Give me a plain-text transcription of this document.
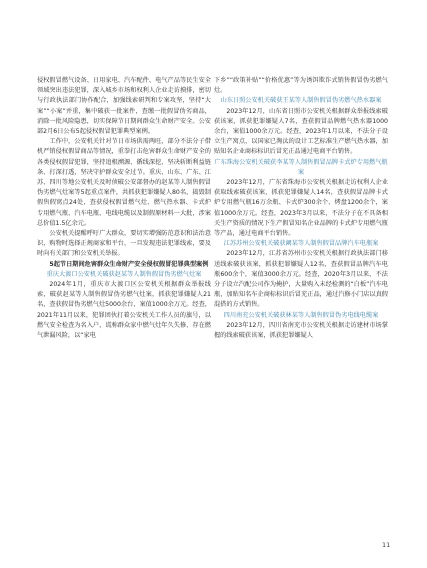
侵权假冒燃气设备、日用家电、汽车配件、电气产品等民生安全领域突出违法犯罪，深入城乡市场和权利人企业走访摸排，密切与行政执法部门协作配合，加强线索研判和专案攻坚，坚持“大案”“小案”并重，集中破获一批案件，查缴一批假冒伪劣商品，消除一批风险隐患，切实保障节日期间群众生命财产安全。公安部2月6日公布5起侵权假冒犯罪典型案例。

工作中，公安机关针对节日市场供需两旺，部分不法分子借机严销侵权假冒商品等情况，重拳打击危害群众生命财产安全的各类侵权假冒犯罪，坚持追根溯源、循线深挖，坚决斩断利益链条、打深打透，坚决守护群众安全过节。重庆、山东、广东、江苏、四川等地公安机关及时侦破公安部督办的赵某等人制售假冒伪劣燃气灶案等5起重点案件，共抓获犯罪嫌疑人80名，捣毁制假售假窝点24处，查获侵权假冒燃气灶、燃气热水器、卡式炉专用燃气瓶、汽车电瓶、电线电缆以及制假原材料一大批，涉案总价值1.5亿余元。

公安机关提醒呼吁广大群众，要切实增强防范意识和法治意识，购物时选择正规商家和平台，一旦发现违法犯罪线索，要及时向有关部门和公安机关举报。

5起节日期间危害群众生命财产安全侵权假冒犯罪典型案例

重庆大渡口公安机关破获赵某等人制售假冒伪劣燃气灶案

2024年1月，重庆市大渡口区公安机关根据群众举报线索，破获赵某等人制售假冒伪劣燃气灶案，抓获犯罪嫌疑人21名，查获假冒伪劣燃气灶5000余台，案值1000余万元。经查，2021年11月以来，犯罪团伙打着公安机关工作人员的旗号，以燃气安全检查为名入户，谎称群众家中燃气灶年久失修、存在燃气泄漏风险，以“家电

下乡”“政策补贴”“价格优惠”等为诱饵欺诈式销售假冒伪劣燃气灶。

山东日照公安机关破获王某等人制售假冒伪劣燃气热水器案

2023年12月，山东省日照市公安机关根据群众举报线索破获该案，抓获犯罪嫌疑人7名，查获假冒品牌燃气热水器1000余台，案值1000余万元。经查，2023年1月以来，不法分子设立生产窝点，以国家已淘汰的设计工艺标准生产燃气热水器，加贴知名企业商标标识后冒充正品通过电商平台销售。

广东珠海公安机关破获李某等人制售假冒品牌卡式炉专用燃气瓶案

2023年12月，广东省珠海市公安机关根据走访权利人企业获取线索破获该案，抓获犯罪嫌疑人14名，查获假冒品牌卡式炉专用燃气瓶16万余瓶、卡式炉300余个、烤盘1200余个，案值1000余万元。经查，2023年3月以来，不法分子在不具备相关生产资质的情况下生产假冒知名企业品牌的卡式炉专用燃气瓶等产品，通过电商平台销售。

江苏苏州公安机关破获阚某等人制售假冒品牌汽车电瓶案

2023年12月，江苏省苏州市公安机关根据行政执法部门移送线索破获该案，抓获犯罪嫌疑人12名，查获假冒品牌汽车电瓶600余个，案值3000余万元。经查，2020年3月以来，不法分子设立汽配公司作为掩护，大量购入未经检测的“白板”汽车电瓶，加贴知名车企商标标识后冒充正品，通过汽修小门店以真假混搭的方式销售。

四川南充公安机关破获林某等人制售假冒伪劣电线电缆案

2023年12月，四川省南充市公安机关根据走访建材市场掌握的线索破获该案，抓获犯罪嫌疑人

11
